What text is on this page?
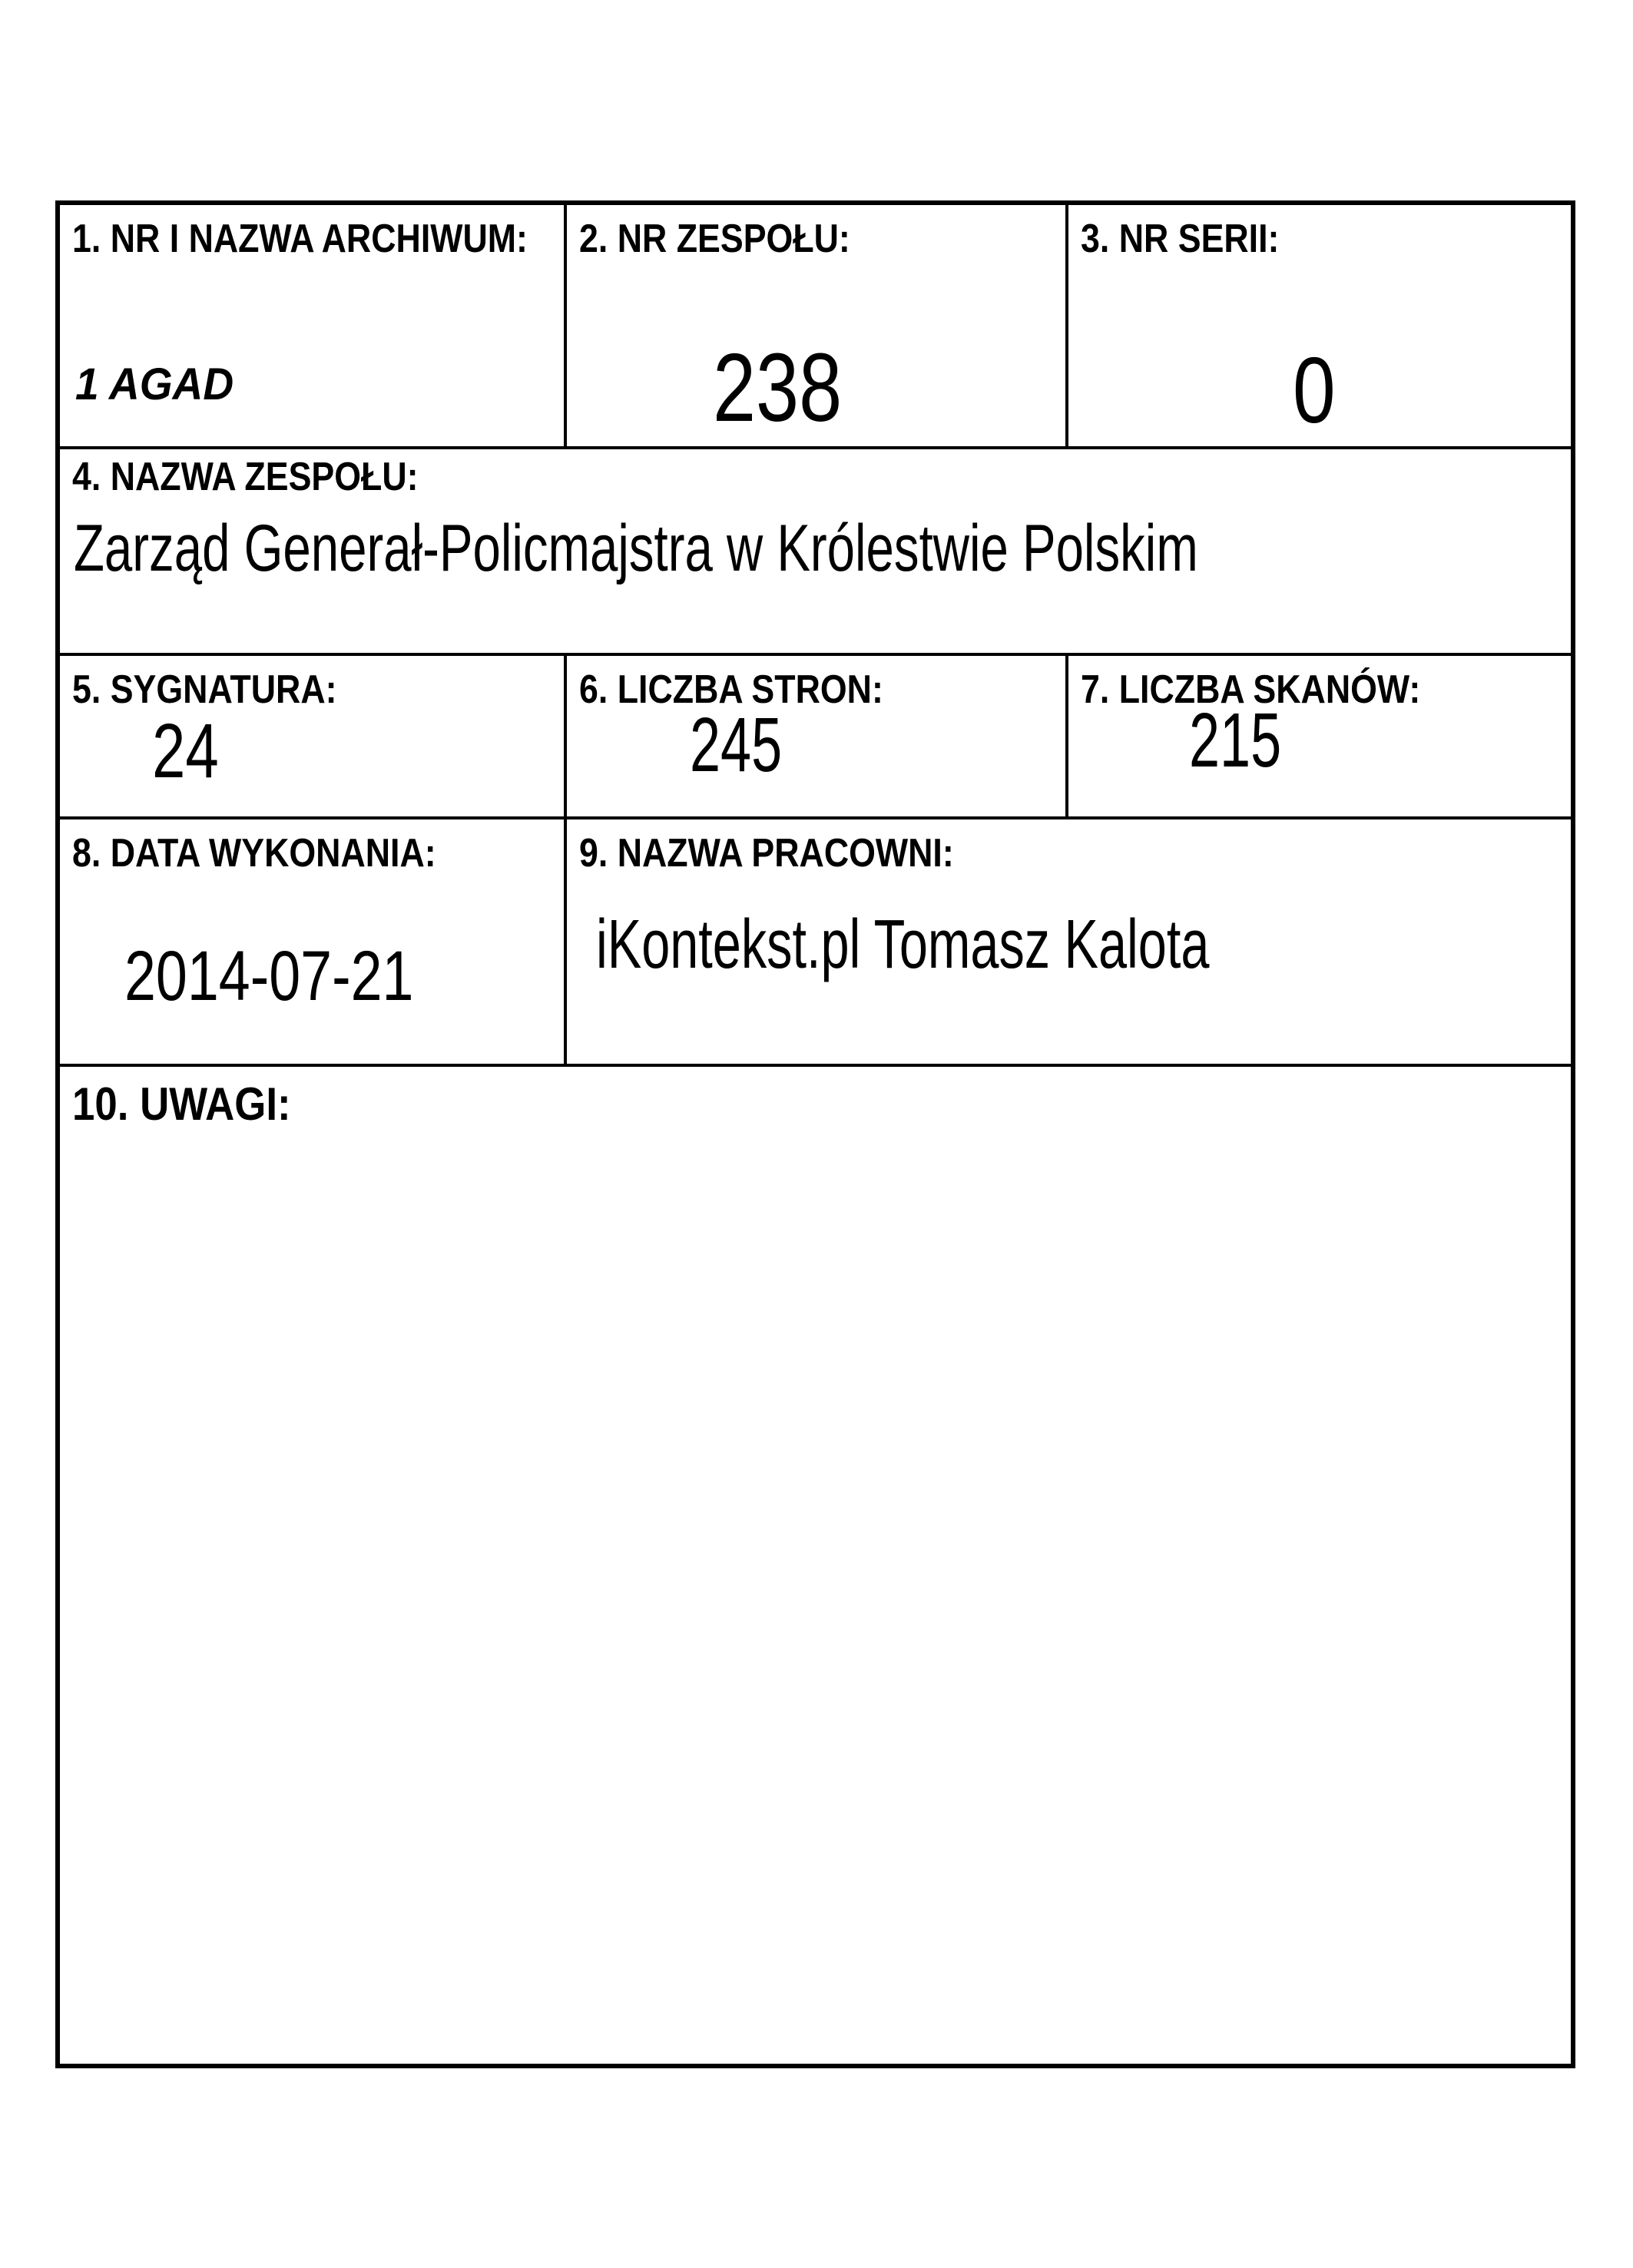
1. NR I NAZWA ARCHIWUM:
1 AGAD
2. NR ZESPOŁU:
238
3. NR SERII:
0
4. NAZWA ZESPOŁU:
Zarząd Generał-Policmajstra w Królestwie Polskim
5. SYGNATURA:
24
6. LICZBA STRON:
245
7. LICZBA SKANÓW:
215
8. DATA WYKONANIA:
2014-07-21
9. NAZWA PRACOWNI:
iKontekst.pl Tomasz Kalota
10. UWAGI:
